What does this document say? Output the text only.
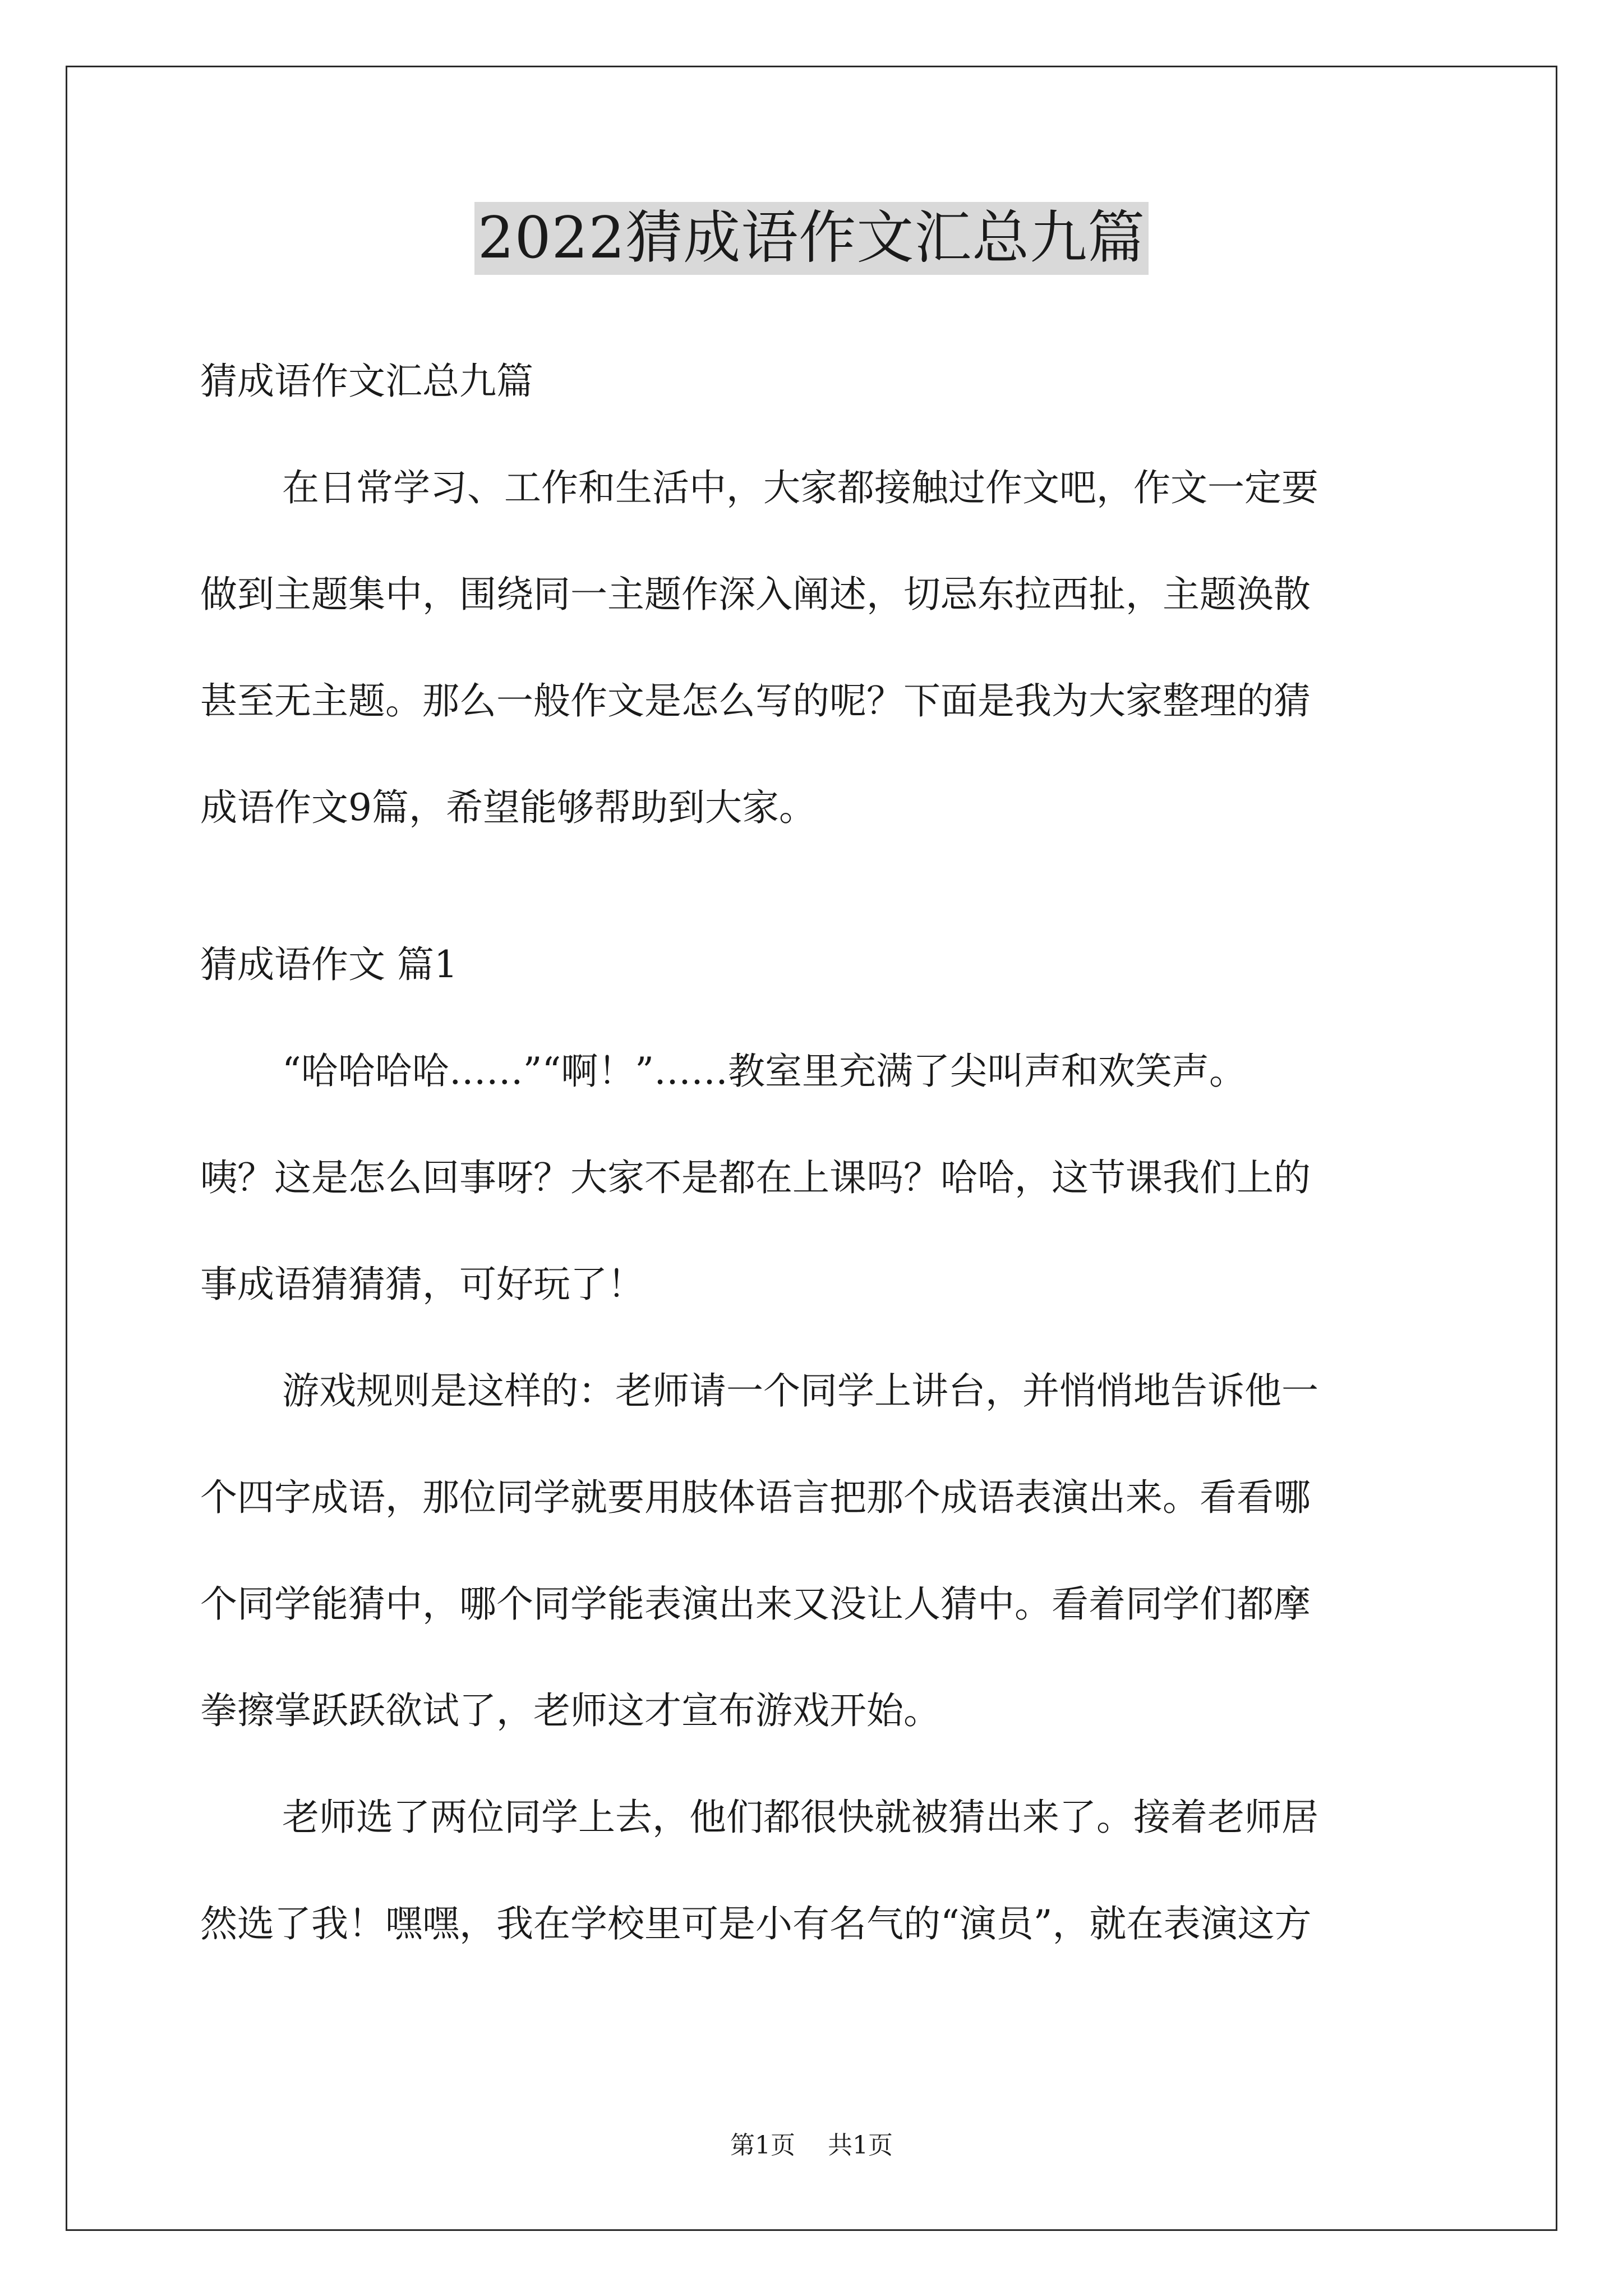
2022猜成语作文汇总九篇
猜成语作文汇总九篇
在日常学习、工作和生活中，大家都接触过作文吧，作文一定要
做到主题集中，围绕同一主题作深入阐述，切忌东拉西扯，主题涣散
甚至无主题。那么一般作文是怎么写的呢？下面是我为大家整理的猜
成语作文9篇，希望能够帮助到大家。
猜成语作文 篇1
“哈哈哈哈……”“啊！”……教室里充满了尖叫声和欢笑声。
咦？这是怎么回事呀？大家不是都在上课吗？哈哈，这节课我们上的
事成语猜猜猜，可好玩了！
游戏规则是这样的：老师请一个同学上讲台，并悄悄地告诉他一
个四字成语，那位同学就要用肢体语言把那个成语表演出来。看看哪
个同学能猜中，哪个同学能表演出来又没让人猜中。看着同学们都摩
拳擦掌跃跃欲试了，老师这才宣布游戏开始。
老师选了两位同学上去，他们都很快就被猜出来了。接着老师居
然选了我！嘿嘿，我在学校里可是小有名气的“演员”，就在表演这方
第1页 共1页
